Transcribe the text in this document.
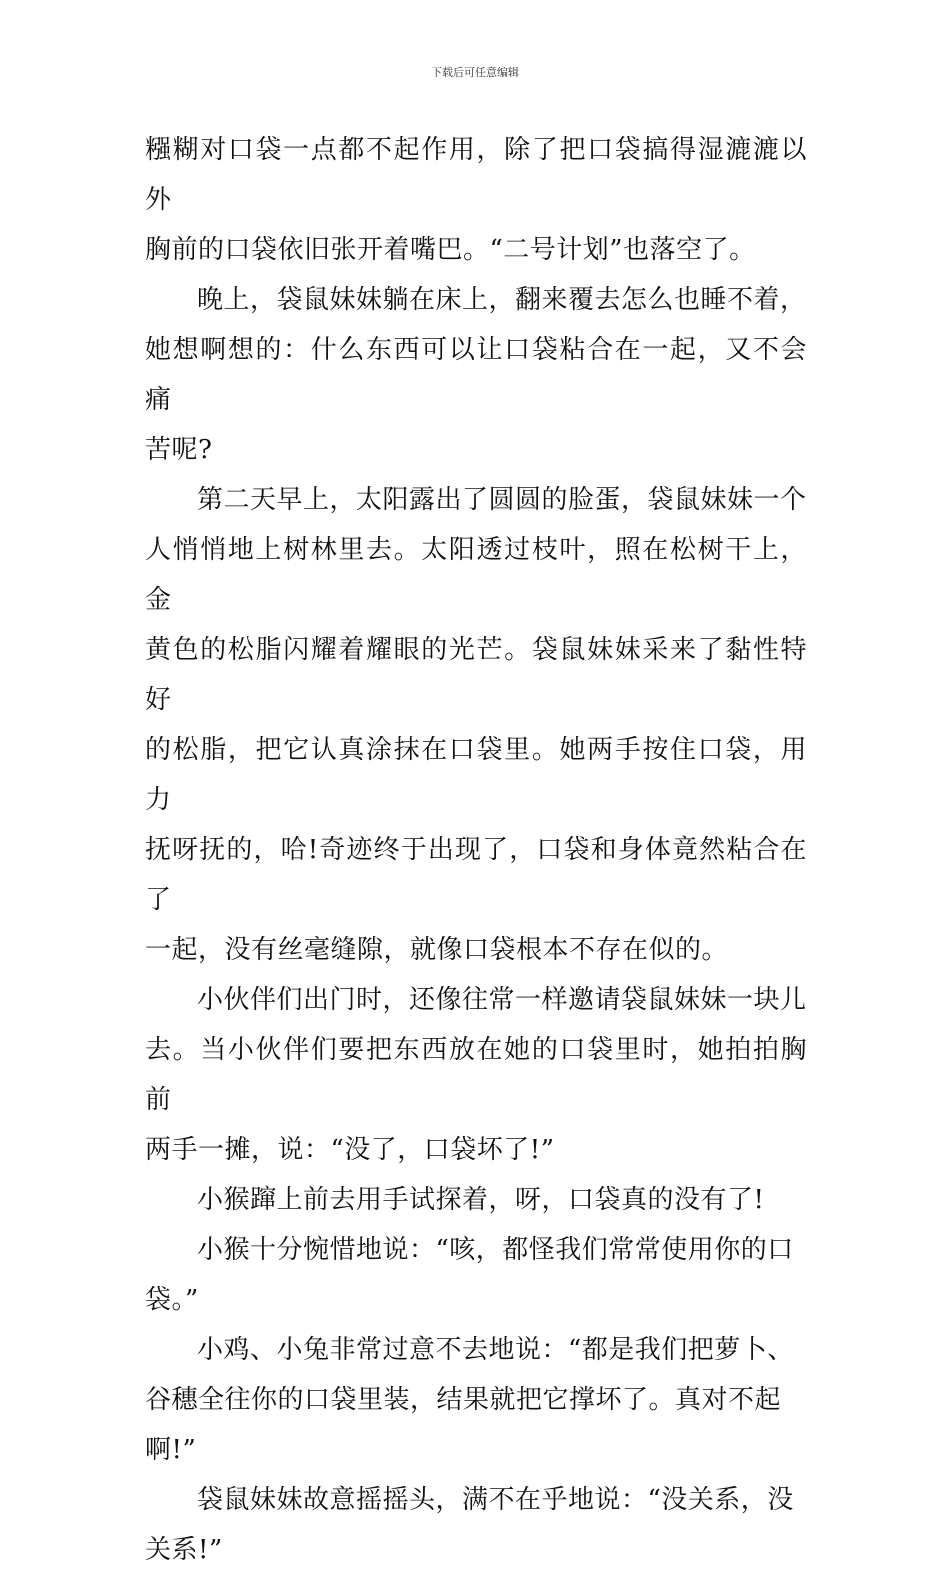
下载后可任意编辑

糨糊对口袋一点都不起作用，除了把口袋搞得湿漉漉以外
胸前的口袋依旧张开着嘴巴。“二号计划”也落空了。

晚上，袋鼠妹妹躺在床上，翻来覆去怎么也睡不着，
她想啊想的：什么东西可以让口袋粘合在一起，又不会痛
苦呢?

第二天早上，太阳露出了圆圆的脸蛋，袋鼠妹妹一个
人悄悄地上树林里去。太阳透过枝叶，照在松树干上，金
黄色的松脂闪耀着耀眼的光芒。袋鼠妹妹采来了黏性特好
的松脂，把它认真涂抹在口袋里。她两手按住口袋，用力
抚呀抚的，哈!奇迹终于出现了，口袋和身体竟然粘合在了
一起，没有丝毫缝隙，就像口袋根本不存在似的。

小伙伴们出门时，还像往常一样邀请袋鼠妹妹一块儿
去。当小伙伴们要把东西放在她的口袋里时，她拍拍胸前
两手一摊，说：“没了，口袋坏了!”

小猴蹿上前去用手试探着，呀，口袋真的没有了!

小猴十分惋惜地说：“咳，都怪我们常常使用你的口
袋。”

小鸡、小兔非常过意不去地说：“都是我们把萝卜、
谷穗全往你的口袋里装，结果就把它撑坏了。真对不起
啊!”

袋鼠妹妹故意摇摇头，满不在乎地说：“没关系，没
关系!”
